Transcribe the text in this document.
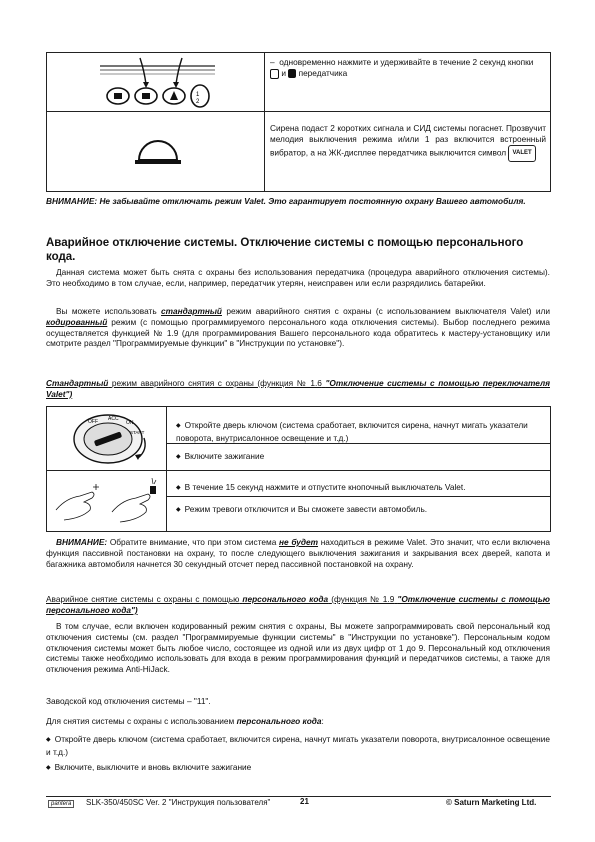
1
2
–  одновременно нажмите и удерживайте в течение 2 секунд кнопки  и передатчика
Сирена подаст 2 коротких сигнала и СИД системы погаснет. Прозвучит мелодия выключения режима и/или 1 раз включится встроенный вибратор, а на ЖК-дисплее передатчика выключится символ VALET
ВНИМАНИЕ: Не забывайте отключать режим Valet. Это гарантирует постоянную охрану Вашего автомобиля.
Аварийное отключение системы. Отключение системы с помощью персонального кода.
Данная система может быть снята с охраны без использования передатчика (процедура аварийного отключения системы). Это необходимо в том случае, если, например, передатчик утерян, неисправен или если разрядились батарейки.
Вы можете использовать стандартный режим аварийного снятия с охраны (с использованием выключателя Valet) или кодированный режим (с помощью программируемого персонального кода отключения системы). Выбор последнего режима осуществляется функцией № 1.9 (для программирования Вашего персонального кода обратитесь к мастеру-установщику или смотрите раздел "Программируемые функции" в "Инструкции по установке").
Стандартный режим аварийного снятия с охраны (функция № 1.6 "Отключение системы с помощью переключателя Valet")
OFF ACC
ON
START
◆ Откройте дверь ключом (система сработает, включится сирена, начнут мигать указатели поворота, внутрисалонное освещение и т.д.)
◆ Включите зажигание
◆ В течение 15 секунд нажмите и отпустите кнопочный выключатель Valet.
◆ Режим тревоги отключится и Вы сможете завести автомобиль.
ВНИМАНИЕ: Обратите внимание, что при этом система не будет находиться в режиме Valet. Это значит, что если включена функция пассивной постановки на охрану, то после следующего выключения зажигания и закрывания всех дверей, капота и багажника автомобиля начнется 30 секундный отсчет перед пассивной постановкой на охрану.
Аварийное снятие системы с охраны с помощью персонального кода (функция № 1.9 "Отключение системы с помощью персонального кода")
В том случае, если включен кодированный режим снятия с охраны, Вы можете запрограммировать свой персональный код отключения системы (см. раздел "Программируемые функции системы" в "Инструкции по установке"). Персональным кодом отключения системы может быть любое число, состоящее из одной или из двух цифр от 1 до 9. Персональный код отключения системы также необходимо использовать для входа в режим программирования функций и передатчиков системы, а также для отключения режима Anti-HiJack.
Заводской код отключения системы – "11".
Для снятия системы с охраны с использованием персонального кода:
◆ Откройте дверь ключом (система сработает, включится сирена, начнут мигать указатели поворота, внутрисалонное освещение и т.д.)
◆ Включите, выключите и вновь включите зажигание
pantera	SLK-350/450SC Ver. 2 "Инструкция пользователя"	21	© Saturn Marketing Ltd.
